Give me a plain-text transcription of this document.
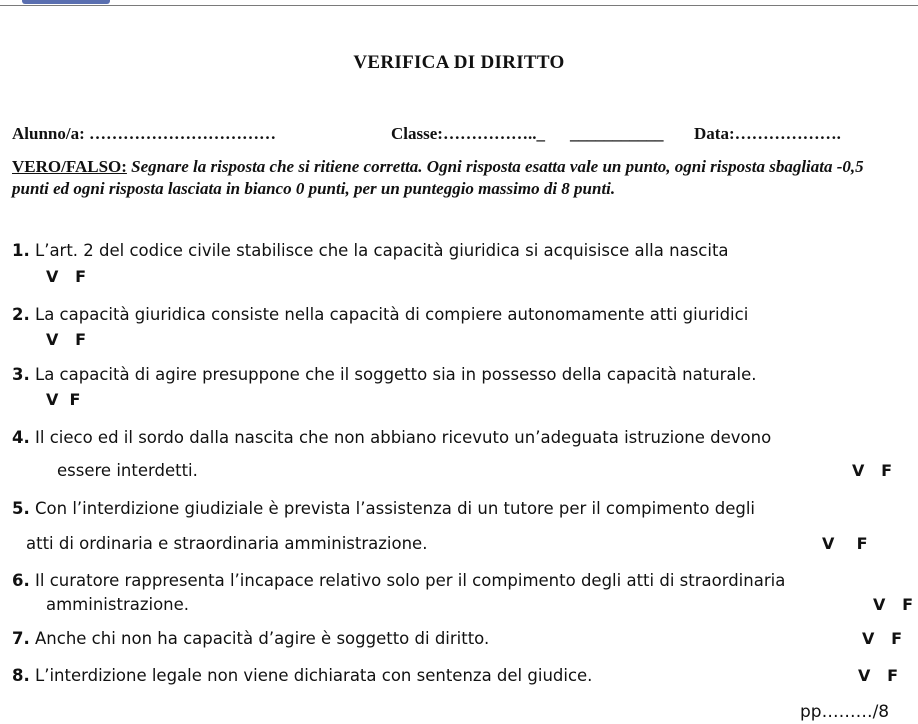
VERIFICA DI DIRITTO
Alunno/a: ……………………………	Classe:…………….._ ___________ Data:……………….
VERO/FALSO: Segnare la risposta che si ritiene corretta. Ogni risposta esatta vale un punto, ogni risposta sbagliata -0,5 punti ed ogni risposta lasciata in bianco 0 punti, per un punteggio massimo di 8 punti.
1. L’art. 2 del codice civile stabilisce che la capacità giuridica si acquisisce alla nascita
V F
2. La capacità giuridica consiste nella capacità di compiere autonomamente atti giuridici
V F
3. La capacità di agire presuppone che il soggetto sia in possesso della capacità naturale.
V F
4. Il cieco ed il sordo dalla nascita che non abbiano ricevuto un’adeguata istruzione devono
essere interdetti.	V F
5. Con l’interdizione giudiziale è prevista l’assistenza di un tutore per il compimento degli
atti di ordinaria e straordinaria amministrazione.	V F
6. Il curatore rappresenta l’incapace relativo solo per il compimento degli atti di straordinaria
amministrazione.	V F
7. Anche chi non ha capacità d’agire è soggetto di diritto.	V F
8. L’interdizione legale non viene dichiarata con sentenza del giudice.	V F
pp………/8
